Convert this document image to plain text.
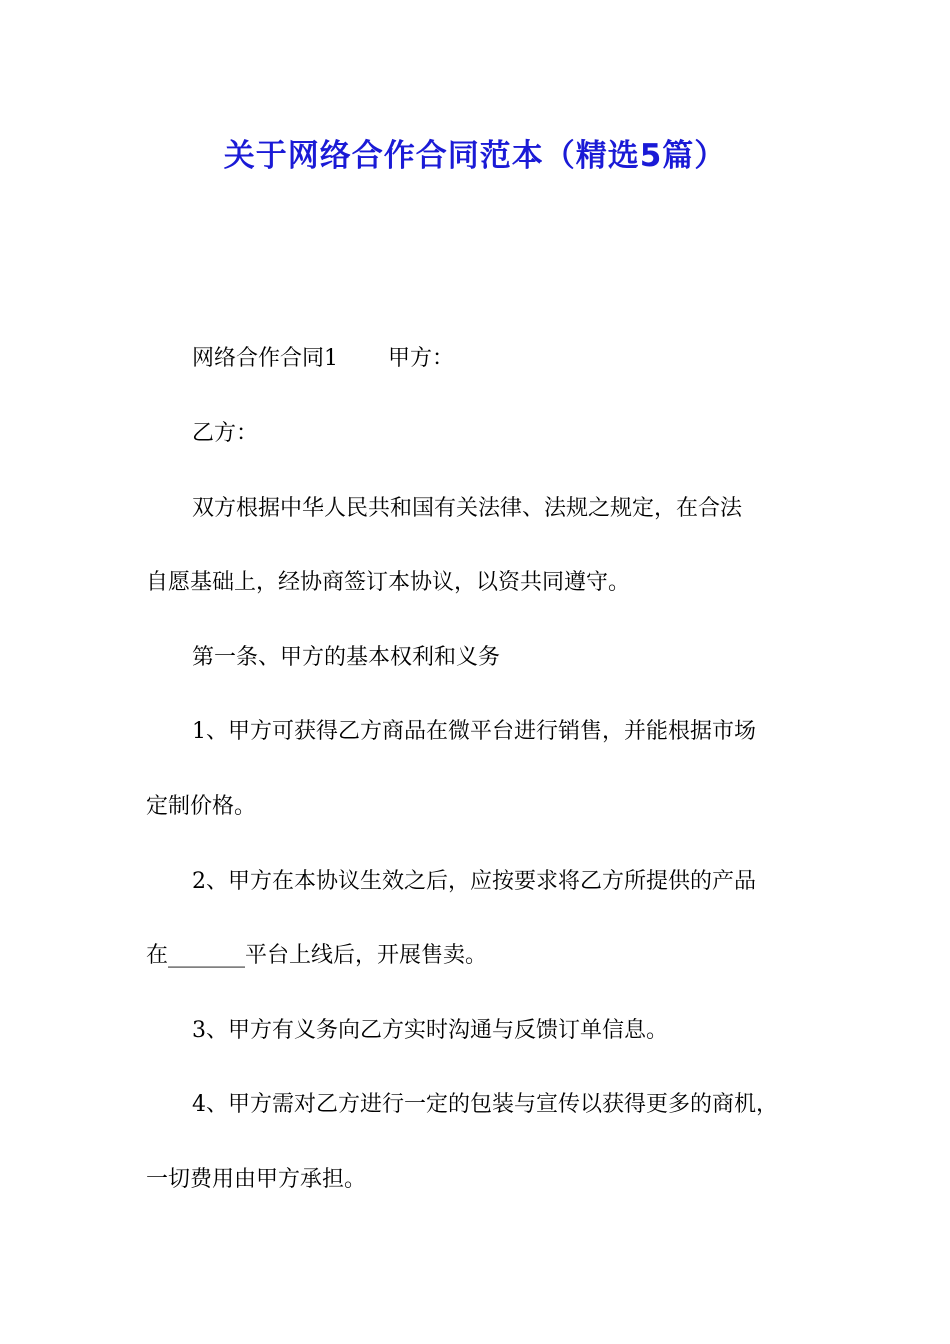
关于网络合作合同范本（精选5篇）

网络合作合同1 甲方：

乙方：

双方根据中华人民共和国有关法律、法规之规定，在合法

自愿基础上，经协商签订本协议，以资共同遵守。

第一条、甲方的基本权利和义务

1、甲方可获得乙方商品在微平台进行销售，并能根据市场

定制价格。

2、甲方在本协议生效之后，应按要求将乙方所提供的产品

在_______平台上线后，开展售卖。

3、甲方有义务向乙方实时沟通与反馈订单信息。

4、甲方需对乙方进行一定的包装与宣传以获得更多的商机，

一切费用由甲方承担。
